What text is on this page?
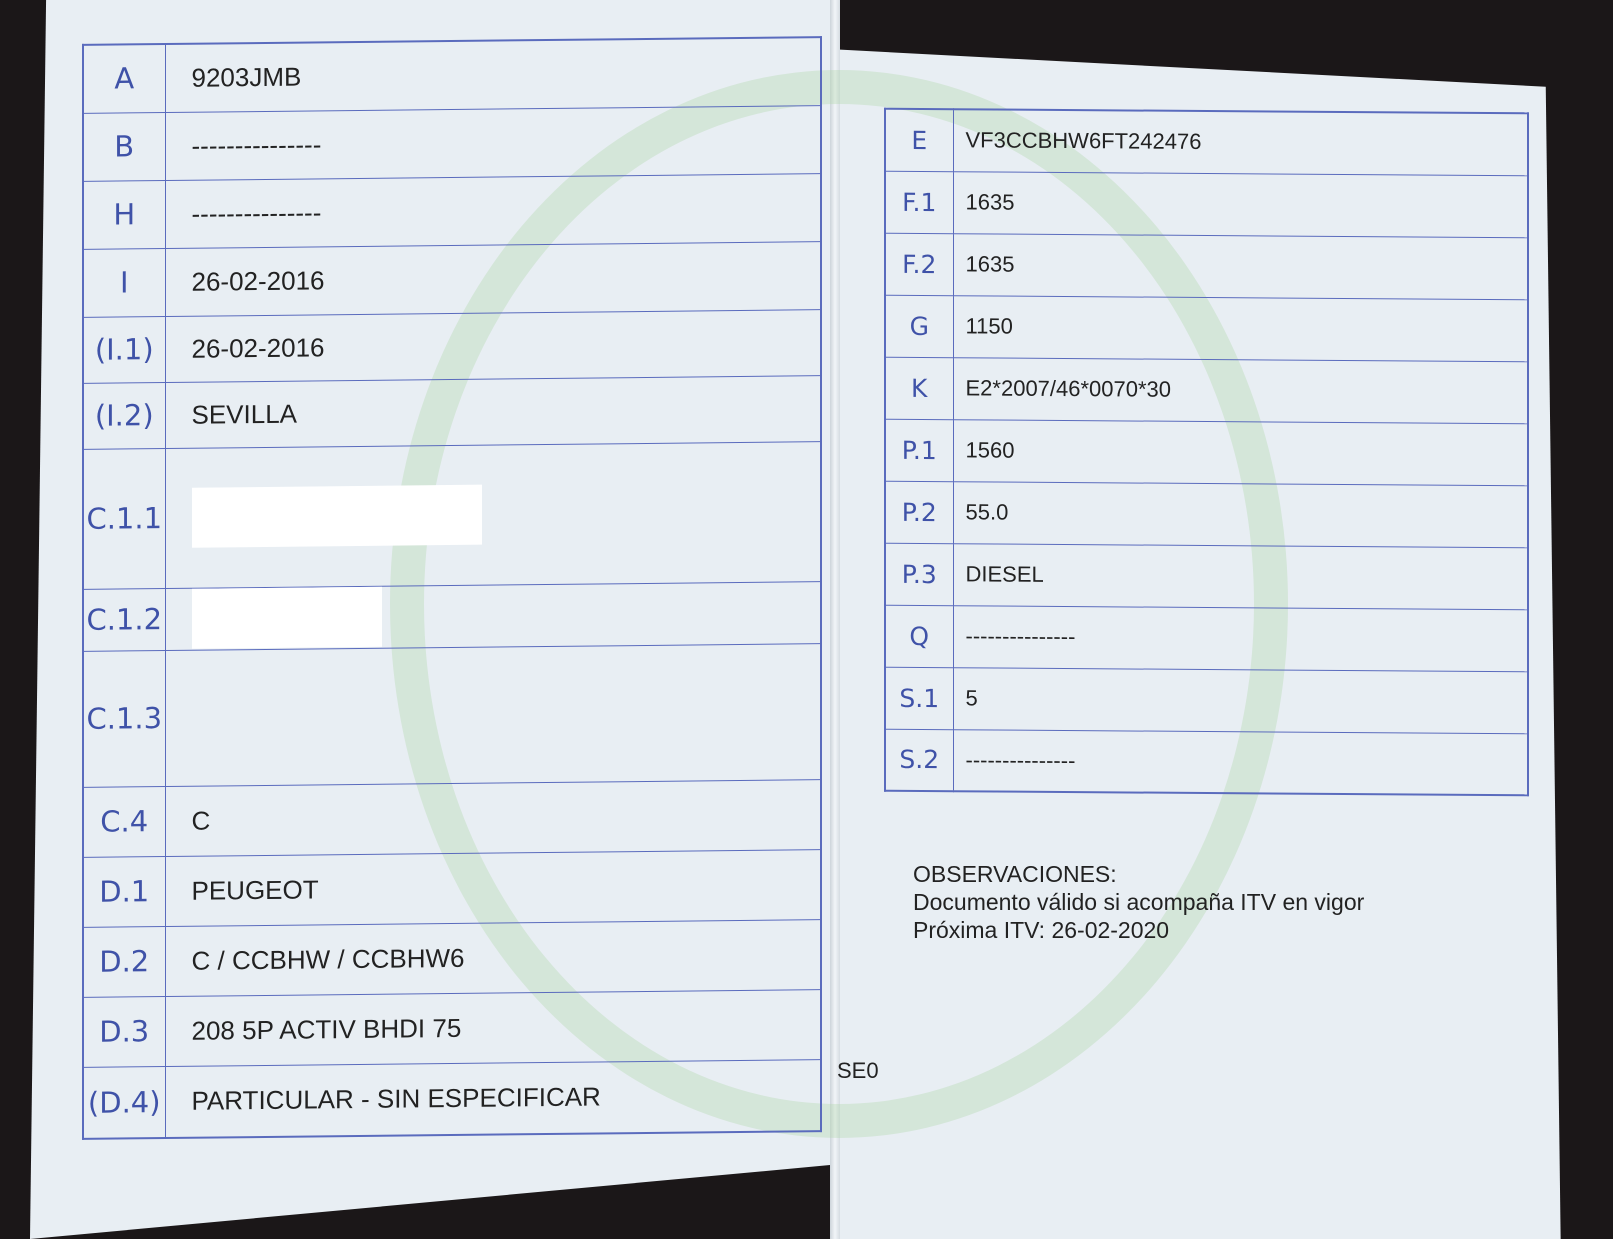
A	9203JMB
B	---------------
H	---------------
I	26-02-2016
(I.1)	26-02-2016
(I.2)	SEVILLA
C.1.1	
C.1.2	
C.1.3	
C.4	C
D.1	PEUGEOT
D.2	C / CCBHW / CCBHW6
D.3	208 5P ACTIV BHDI 75
(D.4)	PARTICULAR - SIN ESPECIFICAR
E	VF3CCBHW6FT242476
F.1	1635
F.2	1635
G	1150
K	E2*2007/46*0070*30
P.1	1560
P.2	55.0
P.3	DIESEL
Q	---------------
S.1	5
S.2	---------------
OBSERVACIONES:
Documento válido si acompaña ITV en vigor
Próxima ITV: 26-02-2020
SE0
